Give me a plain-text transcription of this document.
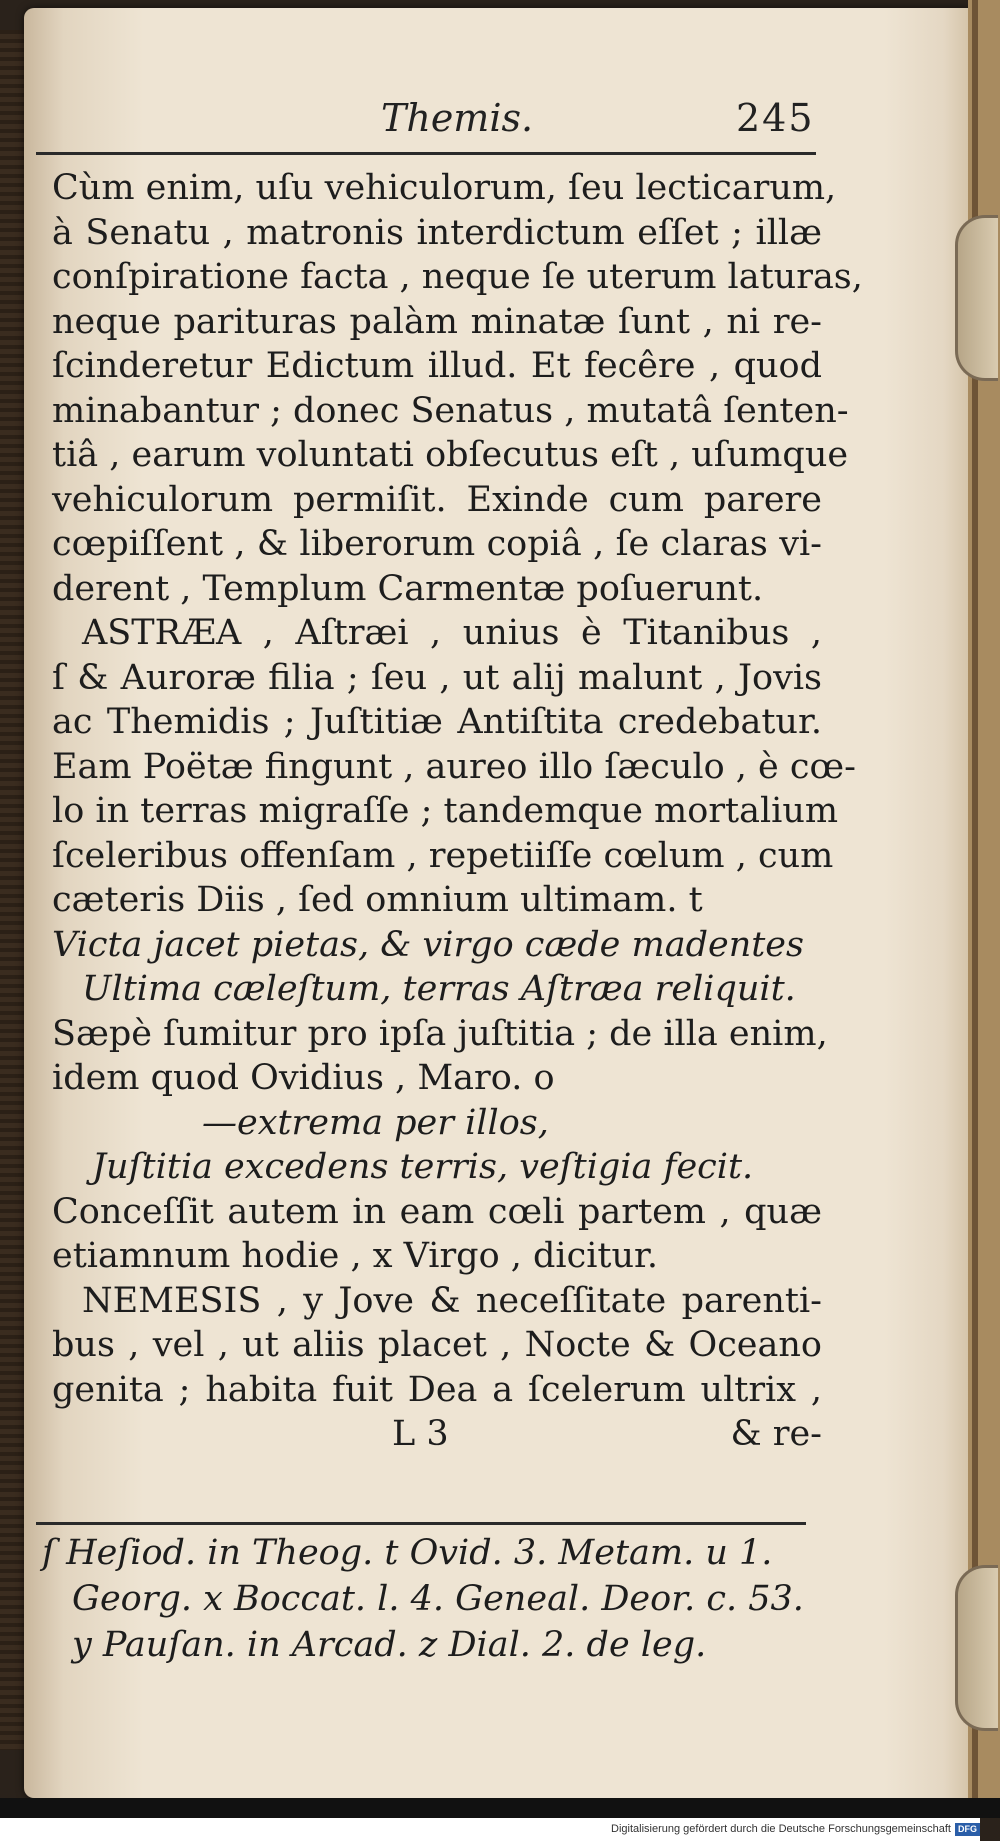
Themis.	245
Cùm enim, uſu vehiculorum, ſeu lecticarum,
à Senatu , matronis interdictum eſſet ; illæ
conſpiratione facta , neque ſe uterum laturas,
neque parituras palàm minatæ ſunt , ni re-
ſcinderetur Edictum illud. Et fecêre , quod
minabantur ; donec Senatus , mutatâ ſenten-
tiâ , earum voluntati obſecutus eſt , uſumque
vehiculorum permiſit. Exinde cum parere
cœpiſſent , & liberorum copiâ , ſe claras vi-
derent , Templum Carmentæ poſuerunt.
ASTRÆA , Aſtræi , unius è Titanibus ,
ſ & Auroræ filia ; ſeu , ut alij malunt , Jovis
ac Themidis ; Juſtitiæ Antiſtita credebatur.
Eam Poëtæ fingunt , aureo illo ſæculo , è cœ-
lo in terras migraſſe ; tandemque mortalium
ſceleribus offenſam , repetiiſſe cœlum , cum
cæteris Diis , ſed omnium ultimam. t
Victa jacet pietas, & virgo cæde madentes
Ultima cæleſtum, terras Aſtræa reliquit.
Sæpè ſumitur pro ipſa juſtitia ; de illa enim,
idem quod Ovidius , Maro. o
—extrema per illos,
Juſtitia excedens terris, veſtigia fecit.
Conceſſit autem in eam cœli partem , quæ
etiamnum hodie , x Virgo , dicitur.
NEMESIS , y Jove & neceſſitate parenti-
bus , vel , ut aliis placet , Nocte & Oceano
genita ; habita fuit Dea a ſcelerum ultrix ,
L 3	& re-
ſ Heſiod. in Theog. t Ovid. 3. Metam. u 1.
Georg. x Boccat. l. 4. Geneal. Deor. c. 53.
y Pauſan. in Arcad. z Dial. 2. de leg.
Digitalisierung gefördert durch die Deutsche Forschungsgemeinschaft DFG
